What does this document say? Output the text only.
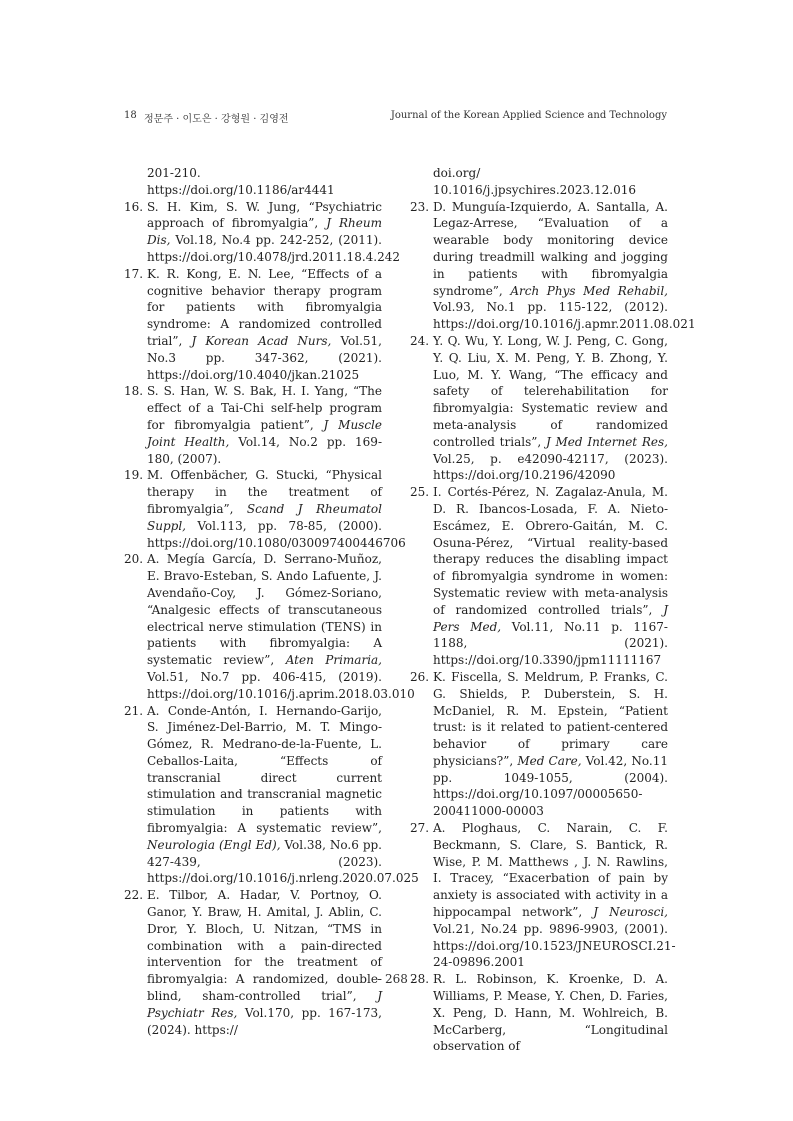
18 정문주 · 이도은 · 강형원 · 김영전	Journal of the Korean Applied Science and Technology
201-210. https://doi.org/10.1186/ar4441
16. S. H. Kim, S. W. Jung, “Psychiatric approach of fibromyalgia”, J Rheum Dis, Vol.18, No.4 pp. 242-252, (2011). https://doi.org/10.4078/jrd.2011.18.4.242
17. K. R. Kong, E. N. Lee, “Effects of a cognitive behavior therapy program for patients with fibromyalgia syndrome: A randomized controlled trial”, J Korean Acad Nurs, Vol.51, No.3 pp. 347-362, (2021). https://doi.org/10.4040/jkan.21025
18. S. S. Han, W. S. Bak, H. I. Yang, “The effect of a Tai-Chi self-help program for fibromyalgia patient”, J Muscle Joint Health, Vol.14, No.2 pp. 169-180, (2007).
19. M. Offenbächer, G. Stucki, “Physical therapy in the treatment of fibromyalgia”, Scand J Rheumatol Suppl, Vol.113, pp. 78-85, (2000). https://doi.org/10.1080/030097400446706
20. A. Megía García, D. Serrano-Muñoz, E. Bravo-Esteban, S. Ando Lafuente, J. Avendaño-Coy, J. Gómez-Soriano, “Analgesic effects of transcutaneous electrical nerve stimulation (TENS) in patients with fibromyalgia: A systematic review”, Aten Primaria, Vol.51, No.7 pp. 406-415, (2019). https://doi.org/10.1016/j.aprim.2018.03.010
21. A. Conde-Antón, I. Hernando-Garijo, S. Jiménez-Del-Barrio, M. T. Mingo-Gómez, R. Medrano-de-la-Fuente, L. Ceballos-Laita, “Effects of transcranial direct current stimulation and transcranial magnetic stimulation in patients with fibromyalgia: A systematic review”, Neurologia (Engl Ed), Vol.38, No.6 pp. 427-439, (2023). https://doi.org/10.1016/j.nrleng.2020.07.025
22. E. Tilbor, A. Hadar, V. Portnoy, O. Ganor, Y. Braw, H. Amital, J. Ablin, C. Dror, Y. Bloch, U. Nitzan, “TMS in combination with a pain-directed intervention for the treatment of fibromyalgia: A randomized, double-blind, sham-controlled trial”, J Psychiatr Res, Vol.170, pp. 167-173, (2024). https://
doi.org/ 10.1016/j.jpsychires.2023.12.016
23. D. Munguía-Izquierdo, A. Santalla, A. Legaz-Arrese, “Evaluation of a wearable body monitoring device during treadmill walking and jogging in patients with fibromyalgia syndrome”, Arch Phys Med Rehabil, Vol.93, No.1 pp. 115-122, (2012). https://doi.org/10.1016/j.apmr.2011.08.021
24. Y. Q. Wu, Y. Long, W. J. Peng, C. Gong, Y. Q. Liu, X. M. Peng, Y. B. Zhong, Y. Luo, M. Y. Wang, “The efficacy and safety of telerehabilitation for fibromyalgia: Systematic review and meta-analysis of randomized controlled trials”, J Med Internet Res, Vol.25, p. e42090-42117, (2023). https://doi.org/10.2196/42090
25. I. Cortés-Pérez, N. Zagalaz-Anula, M. D. R. Ibancos-Losada, F. A. Nieto-Escámez, E. Obrero-Gaitán, M. C. Osuna-Pérez, “Virtual reality-based therapy reduces the disabling impact of fibromyalgia syndrome in women: Systematic review with meta-analysis of randomized controlled trials”, J Pers Med, Vol.11, No.11 p. 1167-1188, (2021). https://doi.org/10.3390/jpm11111167
26. K. Fiscella, S. Meldrum, P. Franks, C. G. Shields, P. Duberstein, S. H. McDaniel, R. M. Epstein, “Patient trust: is it related to patient-centered behavior of primary care physicians?”, Med Care, Vol.42, No.11 pp. 1049-1055, (2004). https://doi.org/10.1097/00005650-200411000-00003
27. A. Ploghaus, C. Narain, C. F. Beckmann, S. Clare, S. Bantick, R. Wise, P. M. Matthews , J. N. Rawlins, I. Tracey, “Exacerbation of pain by anxiety is associated with activity in a hippocampal network”, J Neurosci, Vol.21, No.24 pp. 9896-9903, (2001). https://doi.org/10.1523/JNEUROSCI.21-24-09896.2001
28. R. L. Robinson, K. Kroenke, D. A. Williams, P. Mease, Y. Chen, D. Faries, X. Peng, D. Hann, M. Wohlreich, B. McCarberg, “Longitudinal observation of
- 268 -
